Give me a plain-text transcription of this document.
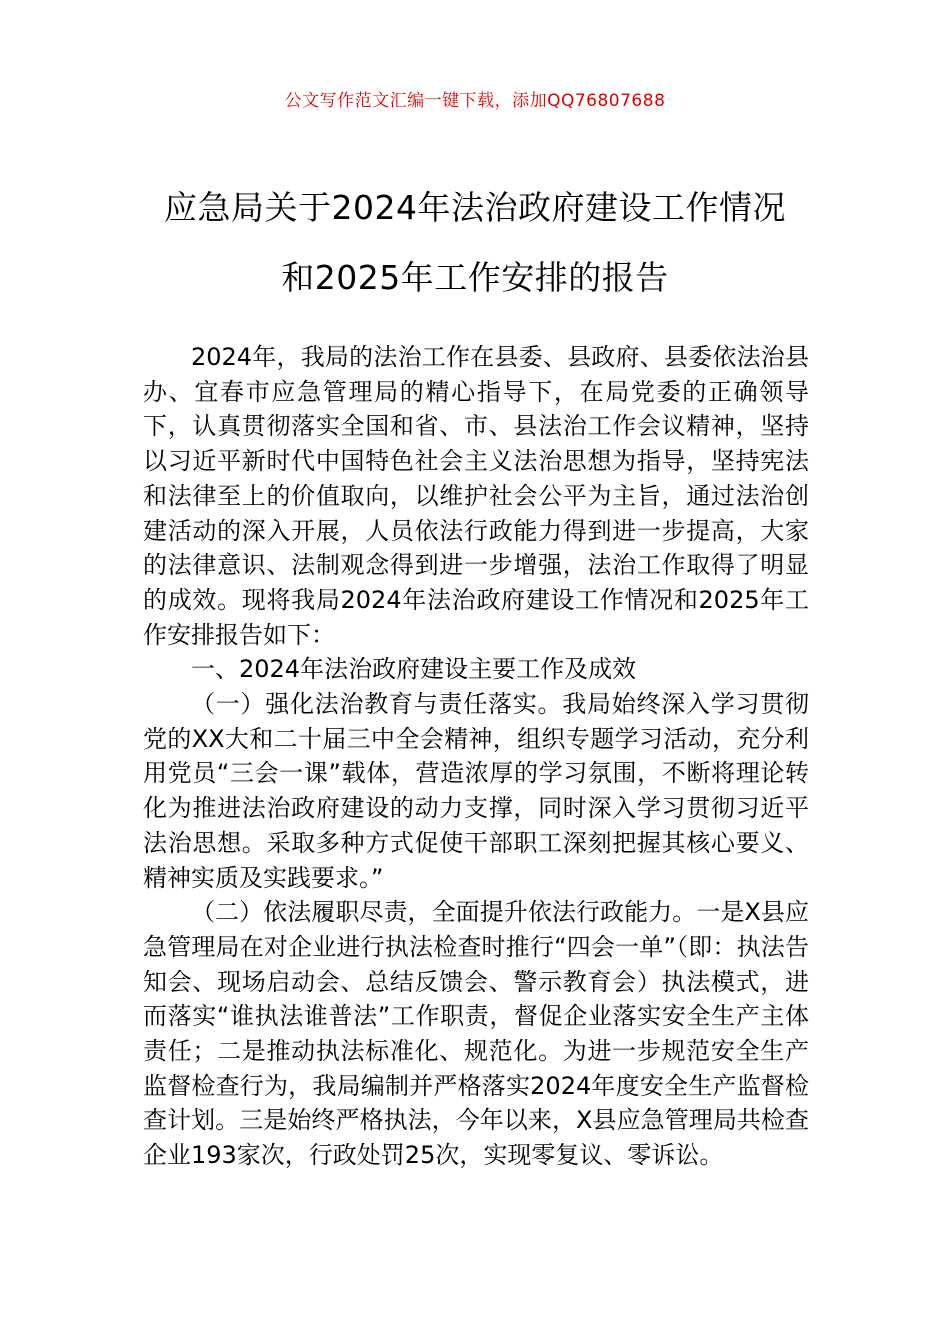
公文写作范文汇编一键下载，添加QQ76807688
应急局关于2024年法治政府建设工作情况
和2025年工作安排的报告

2024年，我局的法治工作在县委、县政府、县委依法治县办、宜春市应急管理局的精心指导下，在局党委的正确领导下，认真贯彻落实全国和省、市、县法治工作会议精神，坚持以习近平新时代中国特色社会主义法治思想为指导，坚持宪法和法律至上的价值取向，以维护社会公平为主旨，通过法治创建活动的深入开展，人员依法行政能力得到进一步提高，大家的法律意识、法制观念得到进一步增强，法治工作取得了明显的成效。现将我局2024年法治政府建设工作情况和2025年工作安排报告如下：

一、2024年法治政府建设主要工作及成效

（一）强化法治教育与责任落实。我局始终深入学习贯彻党的XX大和二十届三中全会精神，组织专题学习活动，充分利用党员“三会一课”载体，营造浓厚的学习氛围，不断将理论转化为推进法治政府建设的动力支撑，同时深入学习贯彻习近平法治思想。采取多种方式促使干部职工深刻把握其核心要义、精神实质及实践要求。”

（二）依法履职尽责，全面提升依法行政能力。一是X县应急管理局在对企业进行执法检查时推行“四会一单”（即：执法告知会、现场启动会、总结反馈会、警示教育会）执法模式，进而落实“谁执法谁普法”工作职责，督促企业落实安全生产主体责任；二是推动执法标准化、规范化。为进一步规范安全生产监督检查行为，我局编制并严格落实2024年度安全生产监督检查计划。三是始终严格执法，今年以来，X县应急管理局共检查企业193家次，行政处罚25次，实现零复议、零诉讼。
